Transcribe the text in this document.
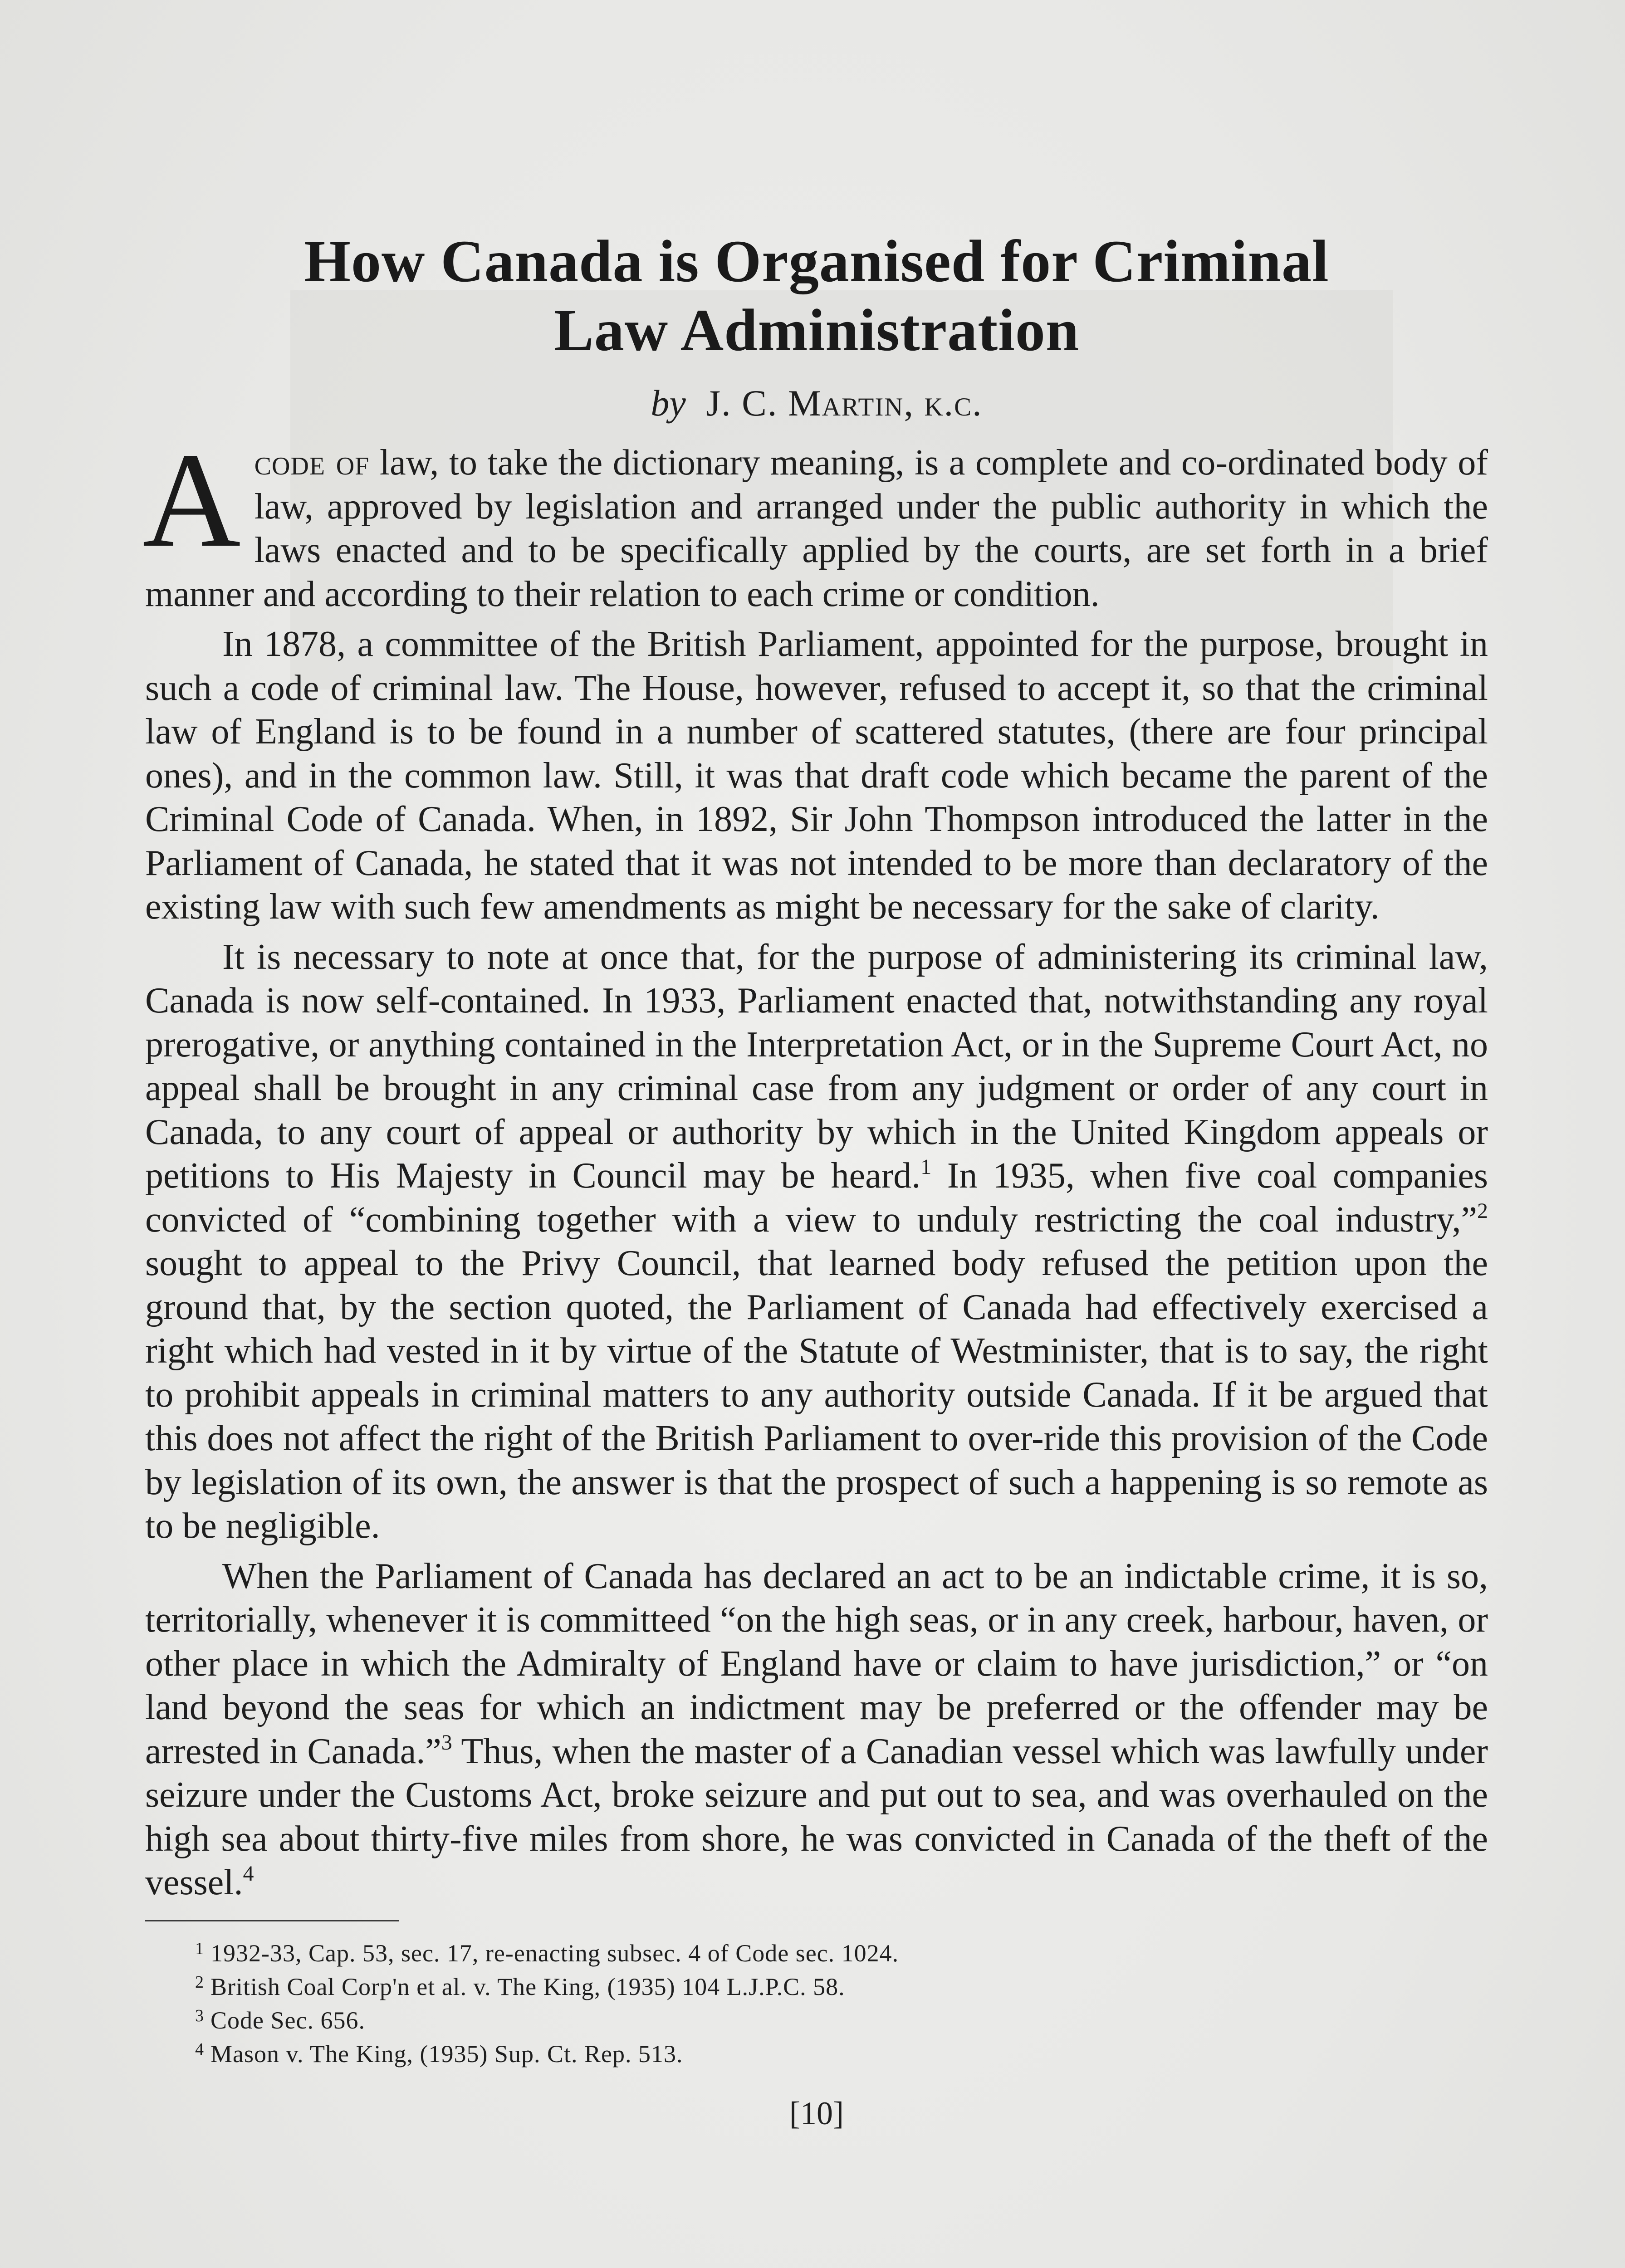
How Canada is Organised for Criminal
Law Administration
by J. C. Martin, k.c.

Acode of law, to take the dictionary meaning, is a complete and co-ordinated body of law, approved by legislation and arranged under the public authority in which the laws enacted and to be specifically applied by the courts, are set forth in a brief manner and according to their relation to each crime or condition.

In 1878, a committee of the British Parliament, appointed for the purpose, brought in such a code of criminal law. The House, however, refused to accept it, so that the criminal law of England is to be found in a number of scattered statutes, (there are four principal ones), and in the common law. Still, it was that draft code which became the parent of the Criminal Code of Canada. When, in 1892, Sir John Thompson introduced the latter in the Parliament of Canada, he stated that it was not intended to be more than declaratory of the existing law with such few amendments as might be necessary for the sake of clarity.

It is necessary to note at once that, for the purpose of administering its criminal law, Canada is now self-contained. In 1933, Parliament enacted that, notwithstanding any royal prerogative, or anything contained in the Interpretation Act, or in the Supreme Court Act, no appeal shall be brought in any criminal case from any judgment or order of any court in Canada, to any court of appeal or authority by which in the United Kingdom appeals or petitions to His Majesty in Council may be heard.$^1$ In 1935, when five coal companies convicted of “combining together with a view to unduly restricting the coal industry,”$^2$ sought to appeal to the Privy Council, that learned body refused the petition upon the ground that, by the section quoted, the Parliament of Canada had effectively exercised a right which had vested in it by virtue of the Statute of Westminister, that is to say, the right to prohibit appeals in criminal matters to any authority outside Canada. If it be argued that this does not affect the right of the British Parliament to over-ride this provision of the Code by legislation of its own, the answer is that the prospect of such a happening is so remote as to be negligible.

When the Parliament of Canada has declared an act to be an indictable crime, it is so, territorially, whenever it is committeed “on the high seas, or in any creek, harbour, haven, or other place in which the Admiralty of England have or claim to have jurisdiction,” or “on land beyond the seas for which an indictment may be preferred or the offender may be arrested in Canada.”$^3$ Thus, when the master of a Canadian vessel which was lawfully under seizure under the Customs Act, broke seizure and put out to sea, and was overhauled on the high sea about thirty-five miles from shore, he was convicted in Canada of the theft of the vessel.$^4$

$^1$ 1932-33, Cap. 53, sec. 17, re-enacting subsec. 4 of Code sec. 1024.
$^2$ British Coal Corp'n et al. v. The King, (1935) 104 L.J.P.C. 58.
$^3$ Code Sec. 656.
$^4$ Mason v. The King, (1935) Sup. Ct. Rep. 513.
[10]
